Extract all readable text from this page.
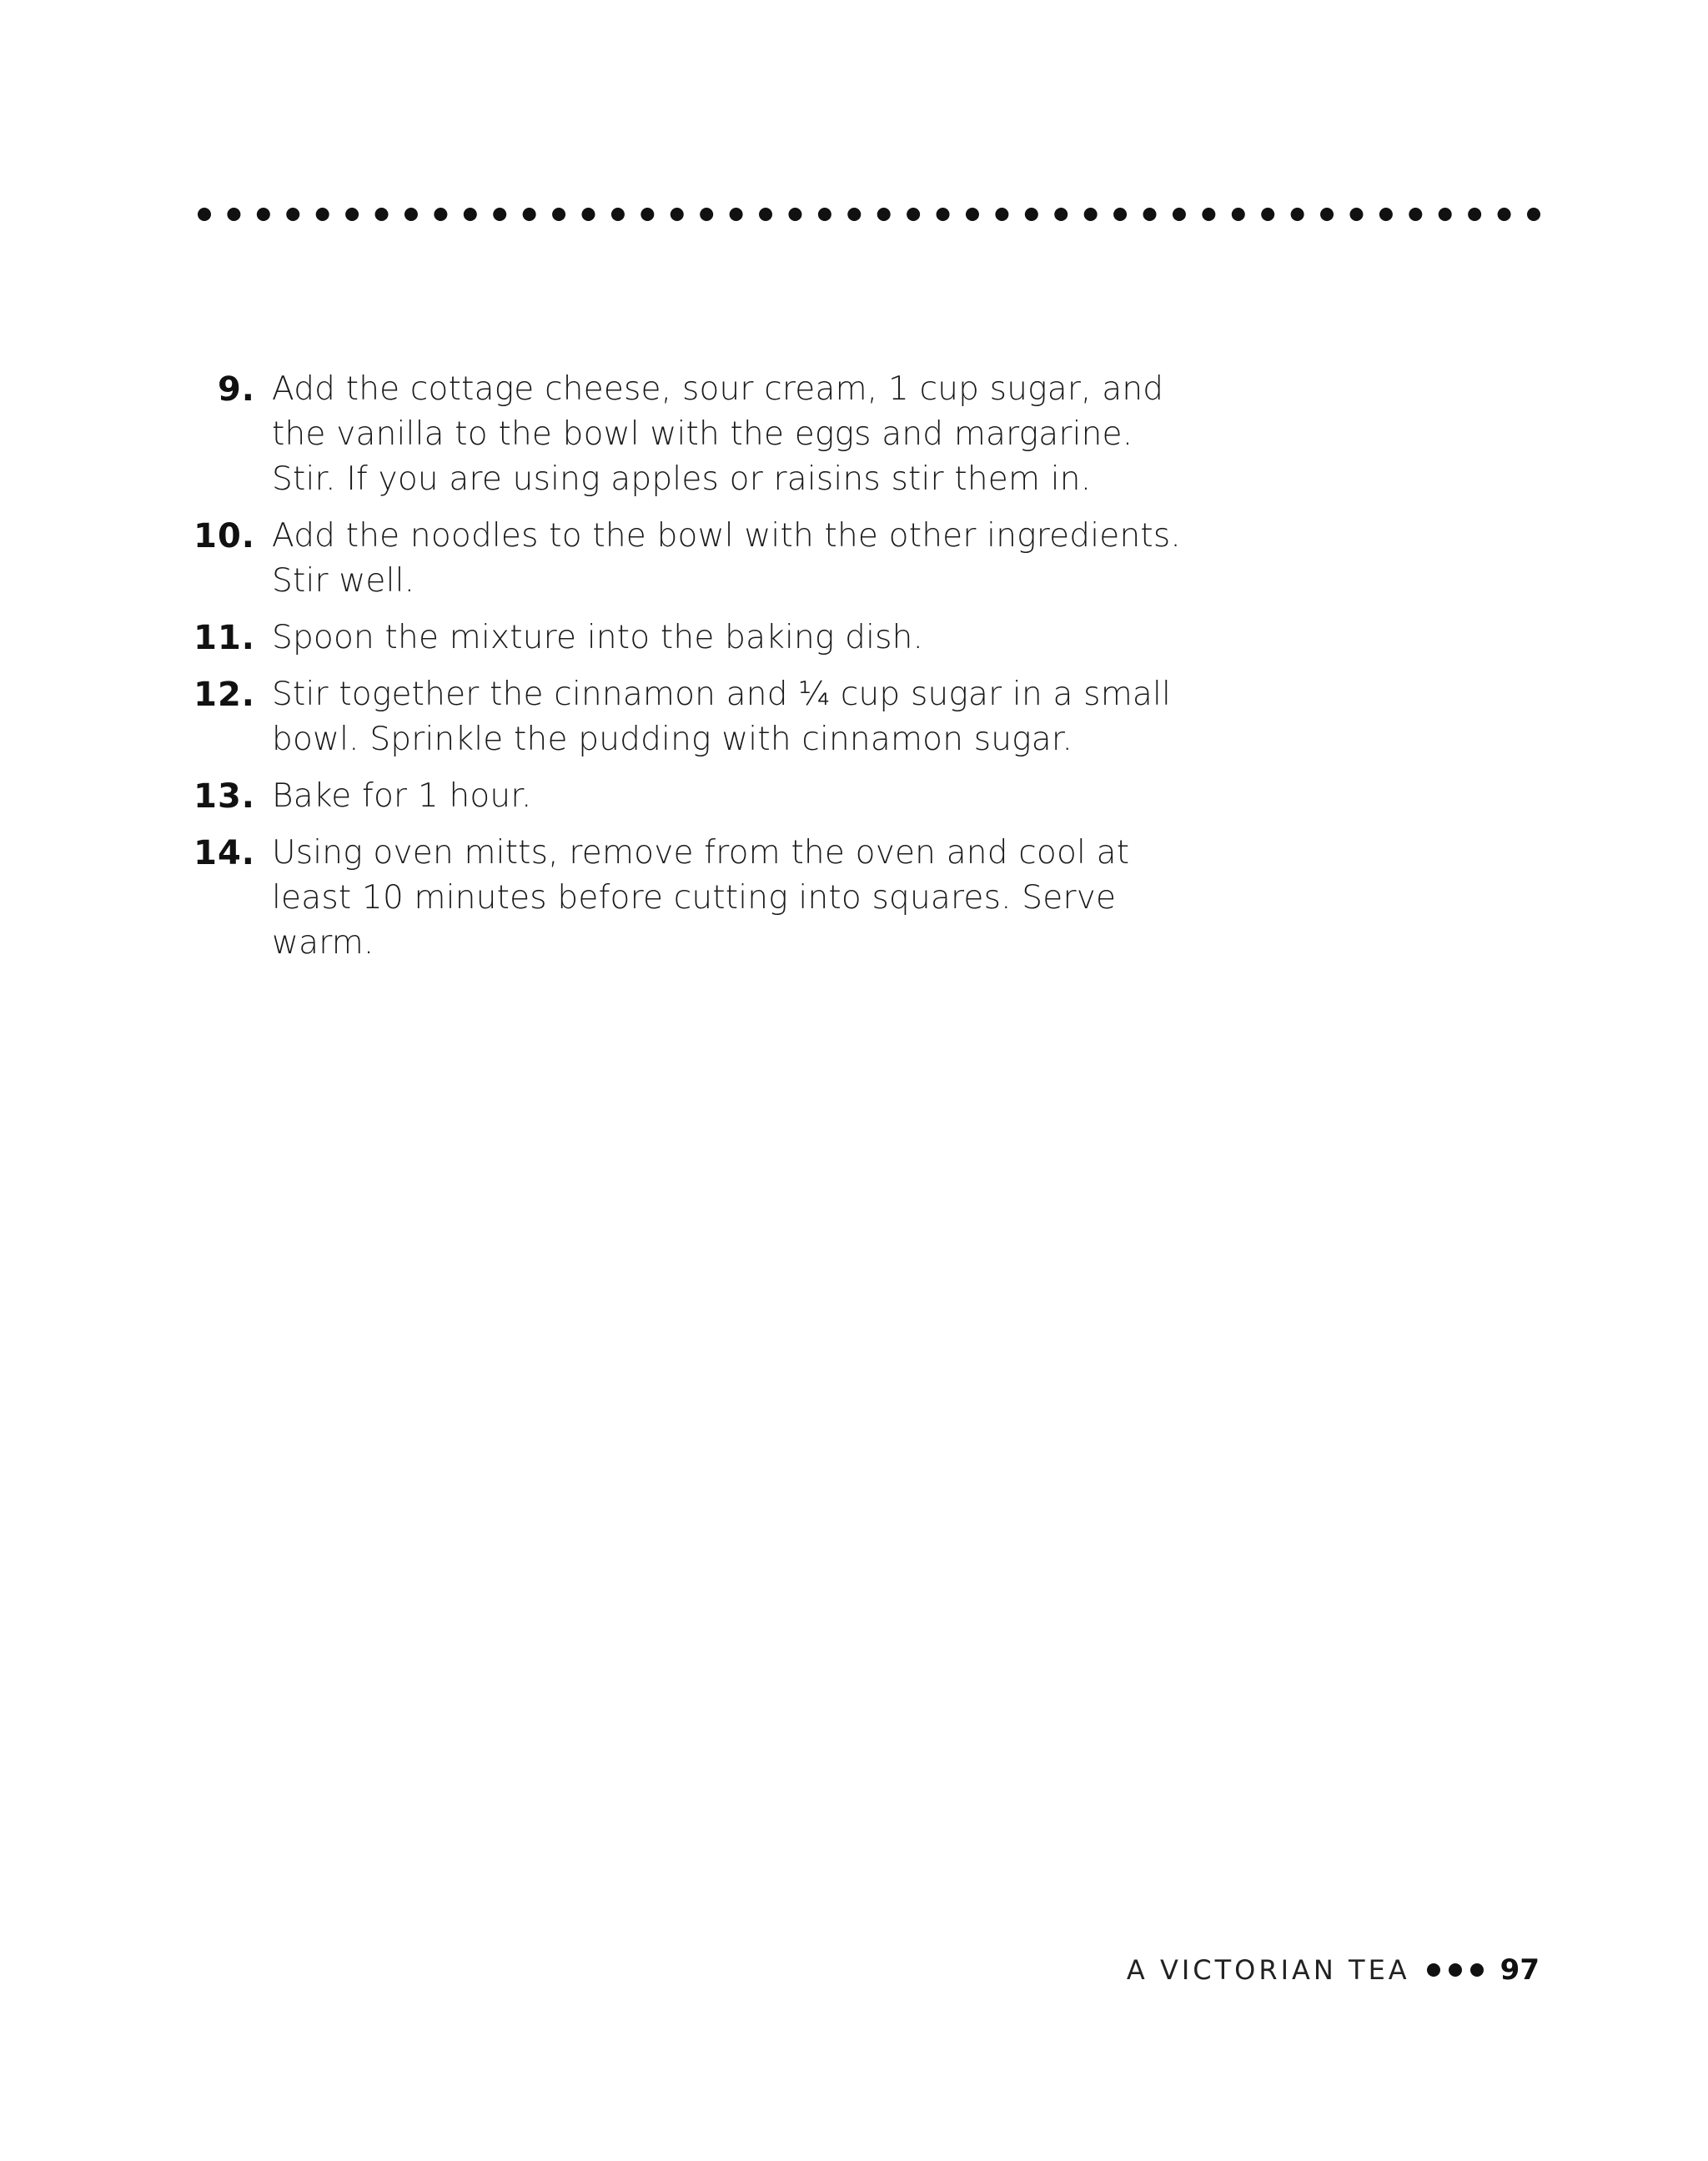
9. Add the cottage cheese, sour cream, 1 cup sugar, and the vanilla to the bowl with the eggs and margarine. Stir. If you are using apples or raisins stir them in.
10. Add the noodles to the bowl with the other ingredients. Stir well.
11. Spoon the mixture into the baking dish.
12. Stir together the cinnamon and ¼ cup sugar in a small bowl. Sprinkle the pudding with cinnamon sugar.
13. Bake for 1 hour.
14. Using oven mitts, remove from the oven and cool at least 10 minutes before cutting into squares. Serve warm.
A VICTORIAN TEA	97
